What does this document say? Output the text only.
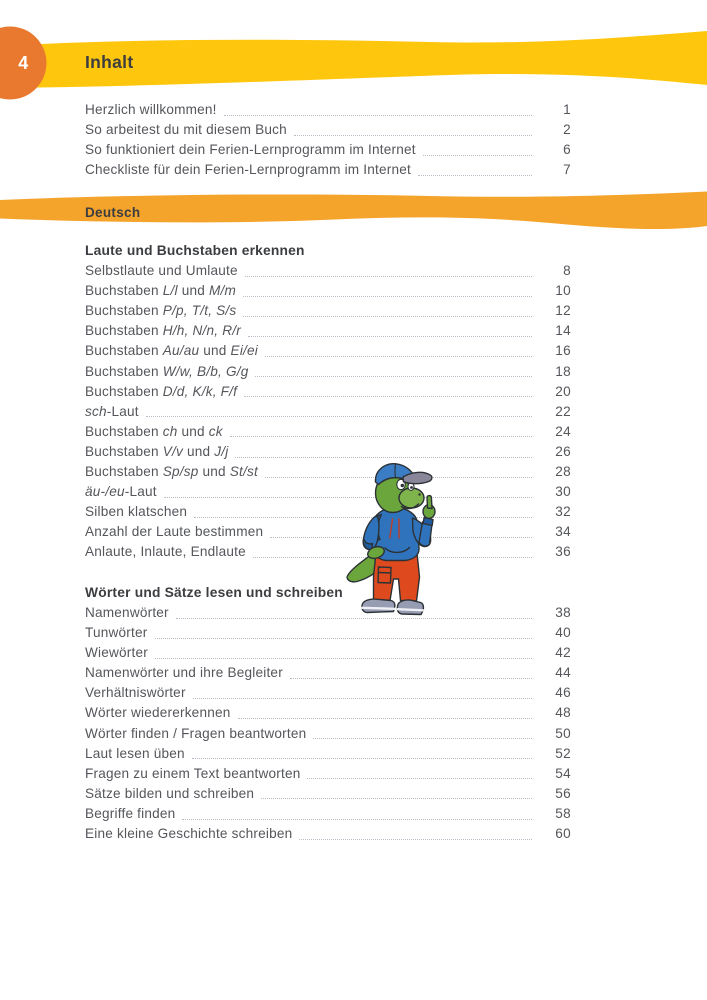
4	Inhalt
Herzlich willkommen!	1
So arbeitest du mit diesem Buch	2
So funktioniert dein Ferien-Lernprogramm im Internet	6
Checkliste für dein Ferien-Lernprogramm im Internet	7
Deutsch
Laute und Buchstaben erkennen
Selbstlaute und Umlaute	8
Buchstaben L/l und M/m	10
Buchstaben P/p, T/t, S/s	12
Buchstaben H/h, N/n, R/r	14
Buchstaben Au/au und Ei/ei	16
Buchstaben W/w, B/b, G/g	18
Buchstaben D/d, K/k, F/f	20
sch-Laut	22
Buchstaben ch und ck	24
Buchstaben V/v und J/j	26
Buchstaben Sp/sp und St/st	28
äu-/eu-Laut	30
Silben klatschen	32
Anzahl der Laute bestimmen	34
Anlaute, Inlaute, Endlaute	36
Wörter und Sätze lesen und schreiben
Namenwörter	38
Tunwörter	40
Wiewörter	42
Namenwörter und ihre Begleiter	44
Verhältniswörter	46
Wörter wiedererkennen	48
Wörter finden / Fragen beantworten	50
Laut lesen üben	52
Fragen zu einem Text beantworten	54
Sätze bilden und schreiben	56
Begriffe finden	58
Eine kleine Geschichte schreiben	60
